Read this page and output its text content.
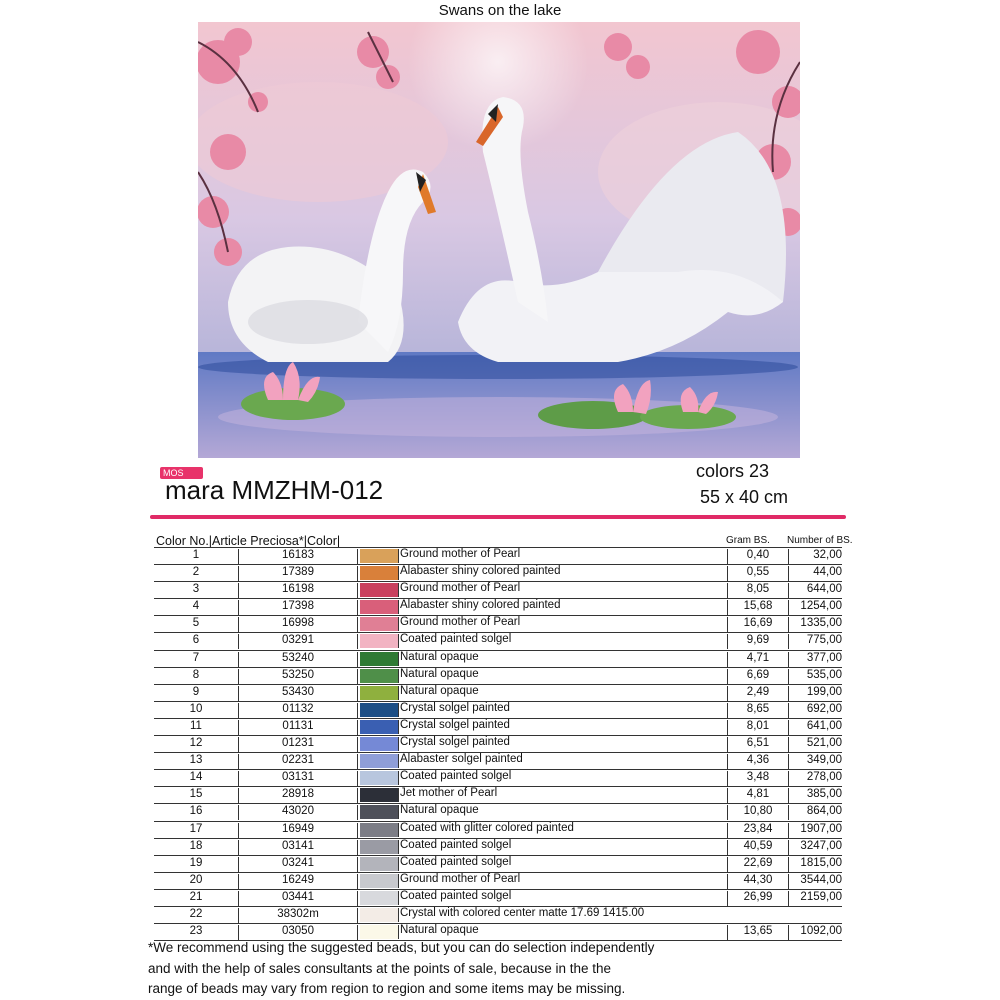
Swans on the lake
MOS
mara MMZHM-012
colors 23
55 x 40 cm
Color No.|Article Preciosa*|Color|	Gram BS. Number of BS.
1	16183	Ground mother of Pearl	0,40	32,00
2	17389	Alabaster shiny colored painted	0,55	44,00
3	16198	Ground mother of Pearl	8,05	644,00
4	17398	Alabaster shiny colored painted	15,68	1254,00
5	16998	Ground mother of Pearl	16,69	1335,00
6	03291	Coated painted solgel	9,69	775,00
7	53240	Natural opaque	4,71	377,00
8	53250	Natural opaque	6,69	535,00
9	53430	Natural opaque	2,49	199,00
10	01132	Crystal solgel painted	8,65	692,00
11	01131	Crystal solgel painted	8,01	641,00
12	01231	Crystal solgel painted	6,51	521,00
13	02231	Alabaster solgel painted	4,36	349,00
14	03131	Coated painted solgel	3,48	278,00
15	28918	Jet mother of Pearl	4,81	385,00
16	43020	Natural opaque	10,80	864,00
17	16949	Coated with glitter colored painted	23,84	1907,00
18	03141	Coated painted solgel	40,59	3247,00
19	03241	Coated painted solgel	22,69	1815,00
20	16249	Ground mother of Pearl	44,30	3544,00
21	03441	Coated painted solgel	26,99	2159,00
22	38302m	Crystal with colored center matte 17.69 1415.00
23	03050	Natural opaque	13,65	1092,00
*We recommend using the suggested beads, but you can do selection independently
and with the help of sales consultants at the points of sale, because in the the
range of beads may vary from region to region and some items may be missing.
